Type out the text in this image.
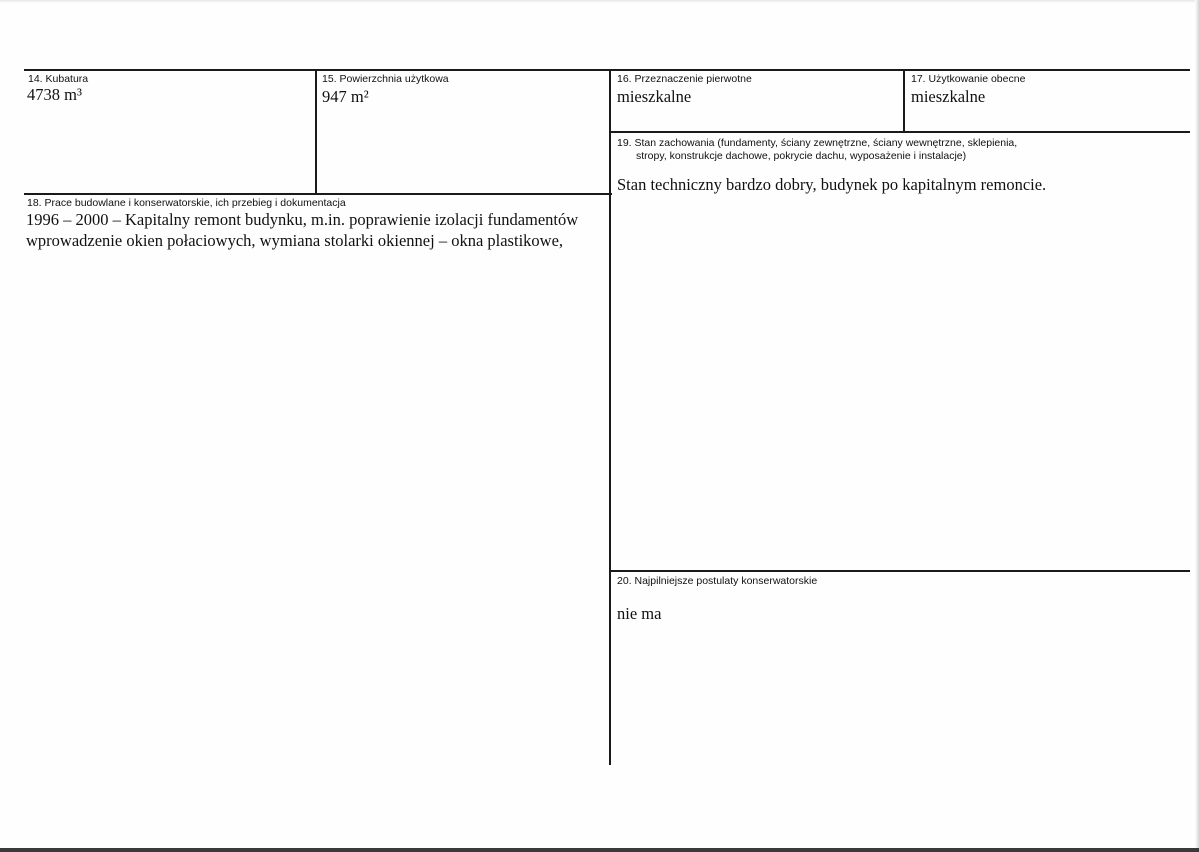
14. Kubatura
4738 m³
15. Powierzchnia użytkowa
947 m²
16. Przeznaczenie pierwotne
mieszkalne
17. Użytkowanie obecne
mieszkalne
19. Stan zachowania (fundamenty, ściany zewnętrzne, ściany wewnętrzne, sklepienia,
stropy, konstrukcje dachowe, pokrycie dachu, wyposażenie i instalacje)
Stan techniczny bardzo dobry, budynek po kapitalnym remoncie.
18. Prace budowlane i konserwatorskie, ich przebieg i dokumentacja
1996 – 2000 – Kapitalny remont budynku, m.in. poprawienie izolacji fundamentów
wprowadzenie okien połaciowych, wymiana stolarki okiennej – okna plastikowe,
20. Najpilniejsze postulaty konserwatorskie
nie ma
